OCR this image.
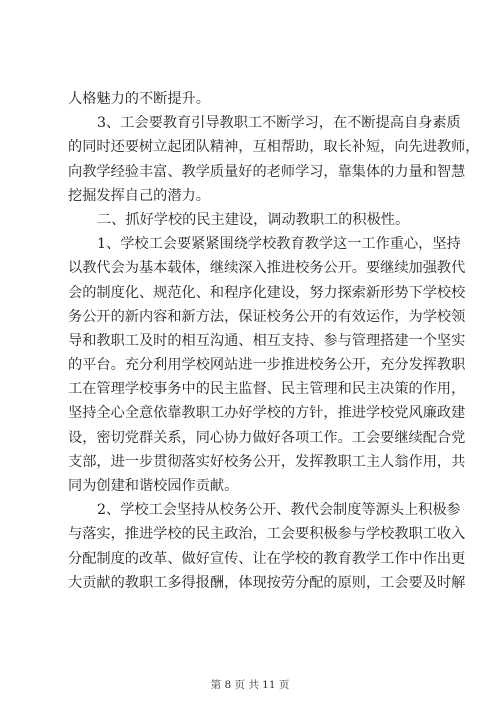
人格魅力的不断提升。
3、工会要教育引导教职工不断学习，在不断提高自身素质
的同时还要树立起团队精神，互相帮助，取长补短，向先进教师，
向教学经验丰富、教学质量好的老师学习，靠集体的力量和智慧
挖掘发挥自己的潜力。
二、抓好学校的民主建设，调动教职工的积极性。
1、学校工会要紧紧围绕学校教育教学这一工作重心，坚持
以教代会为基本载体，继续深入推进校务公开。要继续加强教代
会的制度化、规范化、和程序化建设，努力探索新形势下学校校
务公开的新内容和新方法，保证校务公开的有效运作，为学校领
导和教职工及时的相互沟通、相互支持、参与管理搭建一个坚实
的平台。充分利用学校网站进一步推进校务公开，充分发挥教职
工在管理学校事务中的民主监督、民主管理和民主决策的作用，
坚持全心全意依靠教职工办好学校的方针，推进学校党风廉政建
设，密切党群关系，同心协力做好各项工作。工会要继续配合党
支部，进一步贯彻落实好校务公开，发挥教职工主人翁作用，共
同为创建和谐校园作贡献。
2、学校工会坚持从校务公开、教代会制度等源头上积极参
与落实，推进学校的民主政治，工会要积极参与学校教职工收入
分配制度的改革、做好宣传、让在学校的教育教学工作中作出更
大贡献的教职工多得报酬，体现按劳分配的原则，工会要及时解
第 8 页 共 11 页
